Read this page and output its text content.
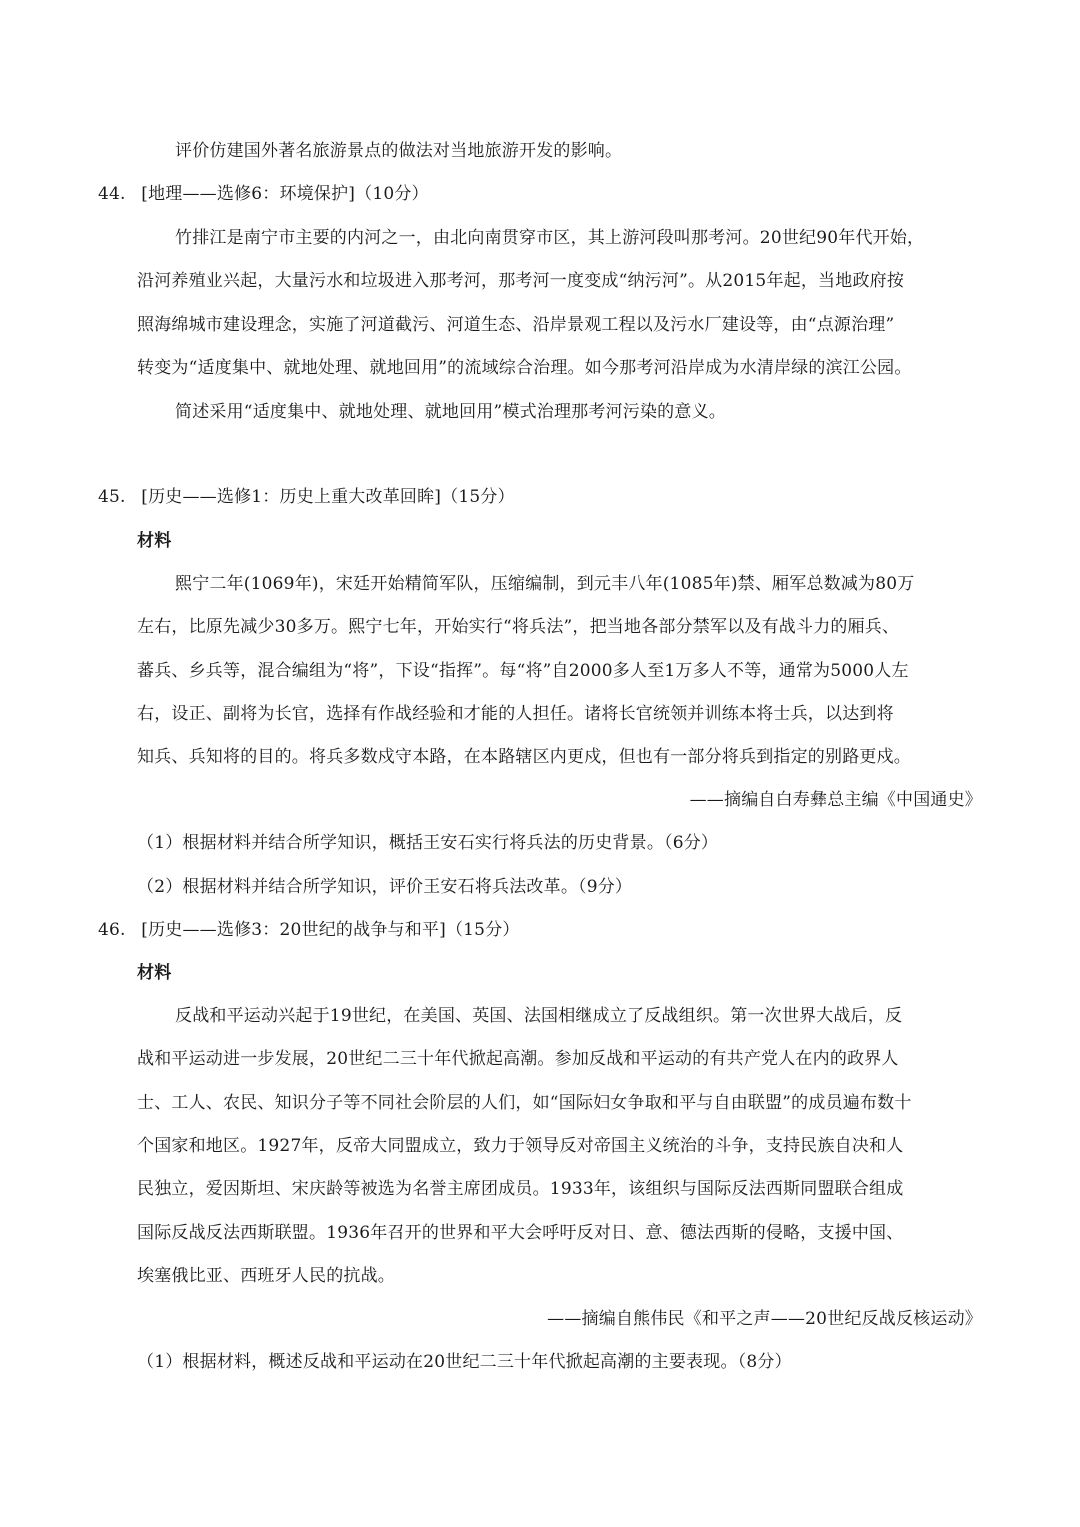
评价仿建国外著名旅游景点的做法对当地旅游开发的影响。
44. [地理——选修6：环境保护]（10分）
竹排江是南宁市主要的内河之一，由北向南贯穿市区，其上游河段叫那考河。20世纪90年代开始，
沿河养殖业兴起，大量污水和垃圾进入那考河，那考河一度变成“纳污河”。从2015年起，当地政府按
照海绵城市建设理念，实施了河道截污、河道生态、沿岸景观工程以及污水厂建设等，由“点源治理”
转变为“适度集中、就地处理、就地回用”的流域综合治理。如今那考河沿岸成为水清岸绿的滨江公园。
简述采用“适度集中、就地处理、就地回用”模式治理那考河污染的意义。
45. [历史——选修1：历史上重大改革回眸]（15分）
材料
熙宁二年(1069年)，宋廷开始精简军队，压缩编制，到元丰八年(1085年)禁、厢军总数减为80万
左右，比原先减少30多万。熙宁七年，开始实行“将兵法”，把当地各部分禁军以及有战斗力的厢兵、
蕃兵、乡兵等，混合编组为“将”，下设“指挥”。每“将”自2000多人至1万多人不等，通常为5000人左
右，设正、副将为长官，选择有作战经验和才能的人担任。诸将长官统领并训练本将士兵，以达到将
知兵、兵知将的目的。将兵多数戍守本路，在本路辖区内更戍，但也有一部分将兵到指定的别路更戍。
——摘编自白寿彝总主编《中国通史》
（1）根据材料并结合所学知识，概括王安石实行将兵法的历史背景。（6分）
（2）根据材料并结合所学知识，评价王安石将兵法改革。（9分）
46. [历史——选修3：20世纪的战争与和平]（15分）
材料
反战和平运动兴起于19世纪，在美国、英国、法国相继成立了反战组织。第一次世界大战后，反
战和平运动进一步发展，20世纪二三十年代掀起高潮。参加反战和平运动的有共产党人在内的政界人
士、工人、农民、知识分子等不同社会阶层的人们，如“国际妇女争取和平与自由联盟”的成员遍布数十
个国家和地区。1927年，反帝大同盟成立，致力于领导反对帝国主义统治的斗争，支持民族自决和人
民独立，爱因斯坦、宋庆龄等被选为名誉主席团成员。1933年，该组织与国际反法西斯同盟联合组成
国际反战反法西斯联盟。1936年召开的世界和平大会呼吁反对日、意、德法西斯的侵略，支援中国、
埃塞俄比亚、西班牙人民的抗战。
——摘编自熊伟民《和平之声——20世纪反战反核运动》
（1）根据材料，概述反战和平运动在20世纪二三十年代掀起高潮的主要表现。（8分）
